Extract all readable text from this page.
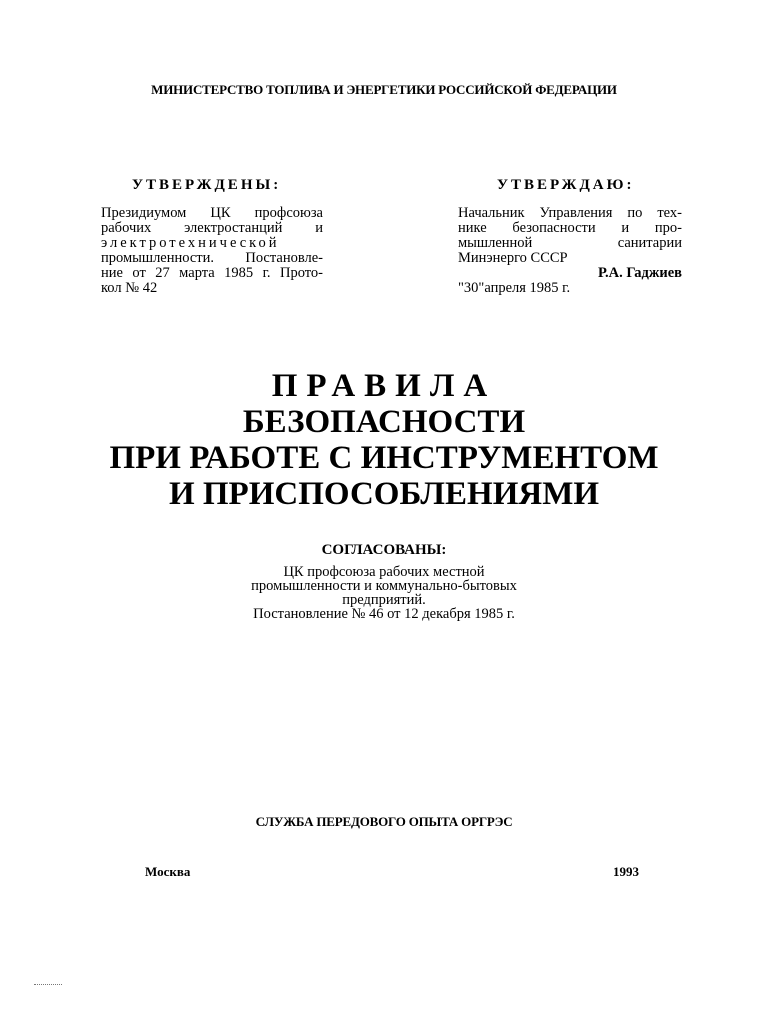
МИНИСТЕРСТВО ТОПЛИВА И ЭНЕРГЕТИКИ РОССИЙСКОЙ ФЕДЕРАЦИИ
УТВЕРЖДЕНЫ:	УТВЕРЖДАЮ:
Президиумом ЦК профсоюза
рабочих электростанций и
электротехнической
промышленности. Постановле-
ние от 27 марта 1985 г. Прото-
кол № 42
Начальник Управления по тех-
нике безопасности и про-
мышленной санитарии
Минэнерго СССР
Р.А. Гаджиев
"30"апреля 1985 г.
ПРАВИЛА
БЕЗОПАСНОСТИ
ПРИ РАБОТЕ С ИНСТРУМЕНТОМ
И ПРИСПОСОБЛЕНИЯМИ
СОГЛАСОВАНЫ:
ЦК профсоюза рабочих местной
промышленности и коммунально-бытовых
предприятий.
Постановление № 46 от 12 декабря 1985 г.
СЛУЖБА ПЕРЕДОВОГО ОПЫТА ОРГРЭС
Москва	1993
